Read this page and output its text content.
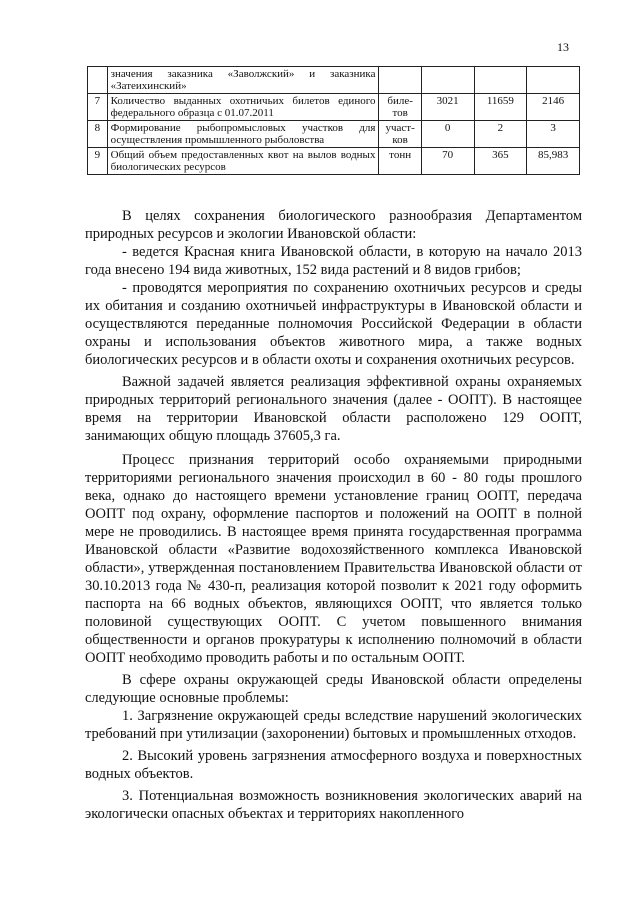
13
	значения заказника «Заволжский» и заказника «Затеихинский»				
7	Количество выданных охотничьих билетов единого федерального образца с 01.07.2011	биле-тов	3021	11659	2146
8	Формирование рыбопромысловых участков для осуществления промышленного рыболовства	участ-ков	0	2	3
9	Общий объем предоставленных квот на вылов водных биологических ресурсов	тонн	70	365	85,983

В целях сохранения биологического разнообразия Департаментом природных ресурсов и экологии Ивановской области:

- ведется Красная книга Ивановской области, в которую на начало 2013 года внесено 194 вида животных, 152 вида растений и 8 видов грибов;

- проводятся мероприятия по сохранению охотничьих ресурсов и среды их обитания и созданию охотничьей инфраструктуры в Ивановской области и осуществляются переданные полномочия Российской Федерации в области охраны и использования объектов животного мира, а также водных биологических ресурсов и в области охоты и сохранения охотничьих ресурсов.

Важной задачей является реализация эффективной охраны охраняемых природных территорий регионального значения (далее - ООПТ). В настоящее время на территории Ивановской области расположено 129 ООПТ, занимающих общую площадь 37605,3 га.

Процесс признания территорий особо охраняемыми природными территориями регионального значения происходил в 60 - 80 годы прошлого века, однако до настоящего времени установление границ ООПТ, передача ООПТ под охрану, оформление паспортов и положений на ООПТ в полной мере не проводились. В настоящее время принята государственная программа Ивановской области «Развитие водохозяйственного комплекса Ивановской области», утвержденная постановлением Правительства Ивановской области от 30.10.2013 года № 430-п, реализация которой позволит к 2021 году оформить паспорта на 66 водных объектов, являющихся ООПТ, что является только половиной существующих ООПТ. С учетом повышенного внимания общественности и органов прокуратуры к исполнению полномочий в области ООПТ необходимо проводить работы и по остальным ООПТ.

В сфере охраны окружающей среды Ивановской области определены следующие основные проблемы:

1. Загрязнение окружающей среды вследствие нарушений экологических требований при утилизации (захоронении) бытовых и промышленных отходов.

2. Высокий уровень загрязнения атмосферного воздуха и поверхностных водных объектов.

3. Потенциальная возможность возникновения экологических аварий на экологически опасных объектах и территориях накопленного
